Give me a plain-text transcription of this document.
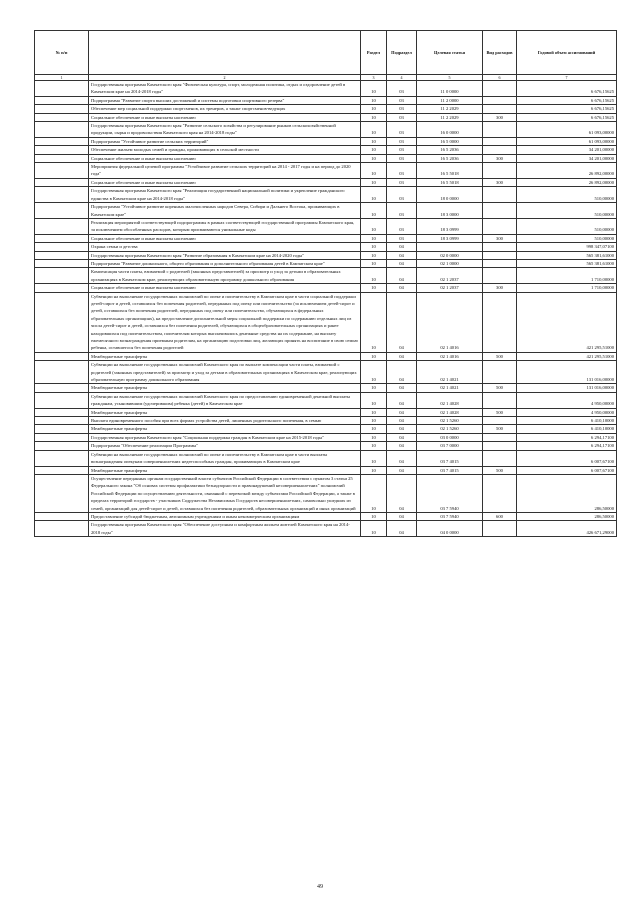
№ п/п		Раздел	Подраздел	Целевая статья	Вид расходов	Годовой объем ассигнований
1	2	3	4	5	6	7
	Государственная программа Камчатского края "Физическая культура, спорт, молодежная политика, отдых и оздоровление детей в Камчатском крае на 2014-2018 годы"	10	03	11 0 0000		6 676,15625
	Подпрограмма "Развитие спорта высших достижений и системы подготовки спортивного резерва"	10	03	11 2 0000		6 676,15625
	Обеспечение мер социальной поддержки спортсменов, их тренеров, а также спортсменов-ведущих	10	03	11 2 2029		6 676,15625
	Социальное обеспечение и иные выплаты населению	10	03	11 2 2029	300	6 676,15625
	Государственная программа Камчатского края "Развитие сельского хозяйства и регулирование рынков сельскохозяйственной продукции, сырья и продовольствия Камчатского края на 2014-2018 годы"	10	03	16 0 0000		61 093,00000
	Подпрограмма "Устойчивое развитие сельских территорий"	10	03	16 5 0000		61 093,00000
	Обеспечение жильем молодых семей и граждан, проживающих в сельской местности	10	03	16 5 2036		34 201,00000
	Социальное обеспечение и иные выплаты населению	10	03	16 5 2036	300	34 201,00000
	Мероприятия федеральной целевой программы "Устойчивое развитие сельских территорий на 2014 - 2017 годы и на период до 2020 года"	10	03	16 5 5018		26 892,00000
	Социальное обеспечение и иные выплаты населению	10	03	16 5 5018	300	26 892,00000
	Государственная программа Камчатского края "Реализация государственной национальной политики и укрепление гражданского единства в Камчатском крае на 2014-2018 годы"	10	03	18 0 0000		510,00000
	Подпрограмма "Устойчивое развитие коренных малочисленных народов Севера, Сибири и Дальнего Востока, проживающих в Камчатском крае"	10	03	18 3 0000		510,00000
	Реализация мероприятий соответствующей подпрограммы в рамках соответствующей государственной программы Камчатского края, за исключением обособленных расходов, которым присваиваются уникальные коды	10	03	18 3 0999		510,00000
	Социальное обеспечение и иные выплаты населению	10	03	18 3 0999	300	510,00000
	Охрана семьи и детства	10	04			998 347,07100
	Государственная программа Камчатского края "Развитие образования в Камчатском крае на 2014-2020 годы"	10	04	02 0 0000		565 381,61000
	Подпрограмма "Развитие дошкольного, общего образования и дополнительного образования детей в Камчатском крае"	10	04	02 1 0000		565 381,61000
	Компенсация части платы, взимаемой с родителей (законных представителей) за присмотр и уход за детьми в образовательных организациях в Камчатском крае, реализующих образовательную программу дошкольного образования	10	04	02 1 2037		1 710,00000
	Социальное обеспечение и иные выплаты населению	10	04	02 1 2037	300	1 710,00000
	Субвенции на выполнение государственных полномочий по опеке и попечительству в Камчатском крае в части социальной поддержки детей-сирот и детей, оставшихся без попечения родителей, переданных под опеку или попечительство (за исключением детей-сирот и детей, оставшихся без попечения родителей, переданных под опеку или попечительство, обучающихся в федеральных образовательных организациях), на предоставление дополнительной меры социальной поддержки по содержанию отдельных лиц из числа детей-сирот и детей, оставшихся без попечения родителей, обучающихся в общеобразовательных организациях и ранее находившихся под попечительством, попечителям которых выплачивались денежные средства на их содержание, на выплату ежемесячного вознаграждения приемным родителям, на организацию подготовки лиц, желающих принять на воспитание в свою семью ребенка, оставшегося без попечения родителей	10	04	02 1 4016		421 295,51000
	Межбюджетные трансферты	10	04	02 1 4016	500	421 295,51000
	Субвенции на выполнение государственных полномочий Камчатского края по выплате компенсации части платы, взимаемой с родителей (законных представителей) за присмотр и уход за детьми в образовательных организациях в Камчатском крае, реализующих образовательную программу дошкольного образования	10	04	02 1 4021		131 016,00000
	Межбюджетные трансферты	10	04	02 1 4021	500	131 016,00000
	Субвенции на выполнение государственных полномочий Камчатского края по предоставлению единовременной денежной выплаты гражданам, усыновившим (удочерившим) ребенка (детей) в Камчатском крае	10	04	02 1 4028		4 950,00000
	Межбюджетные трансферты	10	04	02 1 4028	500	4 950,00000
	Выплата единовременного пособия при всех формах устройства детей, лишенных родительского попечения, в семью	10	04	02 1 5260		6 410,10000
	Межбюджетные трансферты	10	04	02 1 5260	500	6 410,10000
	Государственная программа Камчатского края "Социальная поддержка граждан в Камчатском крае на 2015-2018 годы"	10	04	03 0 0000		6 294,17100
	Подпрограмма "Обеспечение реализации Программы"	10	04	03 7 0000		6 294,17100
	Субвенции на выполнение государственных полномочий по опеке и попечительству в Камчатском крае в части выплаты вознаграждения опекунам совершеннолетних недееспособных граждан, проживающих в Камчатском крае	10	04	03 7 4015		6 007,67100
	Межбюджетные трансферты	10	04	03 7 4015	500	6 007,67100
	Осуществление переданных органам государственной власти субъектов Российской Федерации в соответствии с пунктом 3 статьи 25 Федерального закона "Об основах системы профилактики безнадзорности и правонарушений несовершеннолетних" полномочий Российской Федерации по осуществлению деятельности, связанной с перевозкой между субъектами Российской Федерации, а также в пределах территорий государств - участников Содружества Независимых Государств несовершеннолетних, самовольно ушедших из семей, организаций для детей-сирот и детей, оставшихся без попечения родителей, образовательных организаций и иных организаций	10	04	03 7 5940		286,50000
	Предоставление субсидий бюджетным, автономным учреждениям и иным некоммерческим организациям	10	04	03 7 5940	600	286,50000
	Государственная программа Камчатского края "Обеспечение доступным и комфортным жильем жителей Камчатского края на 2014-2018 годы"	10	04	04 0 0000		426 671,29000
49
